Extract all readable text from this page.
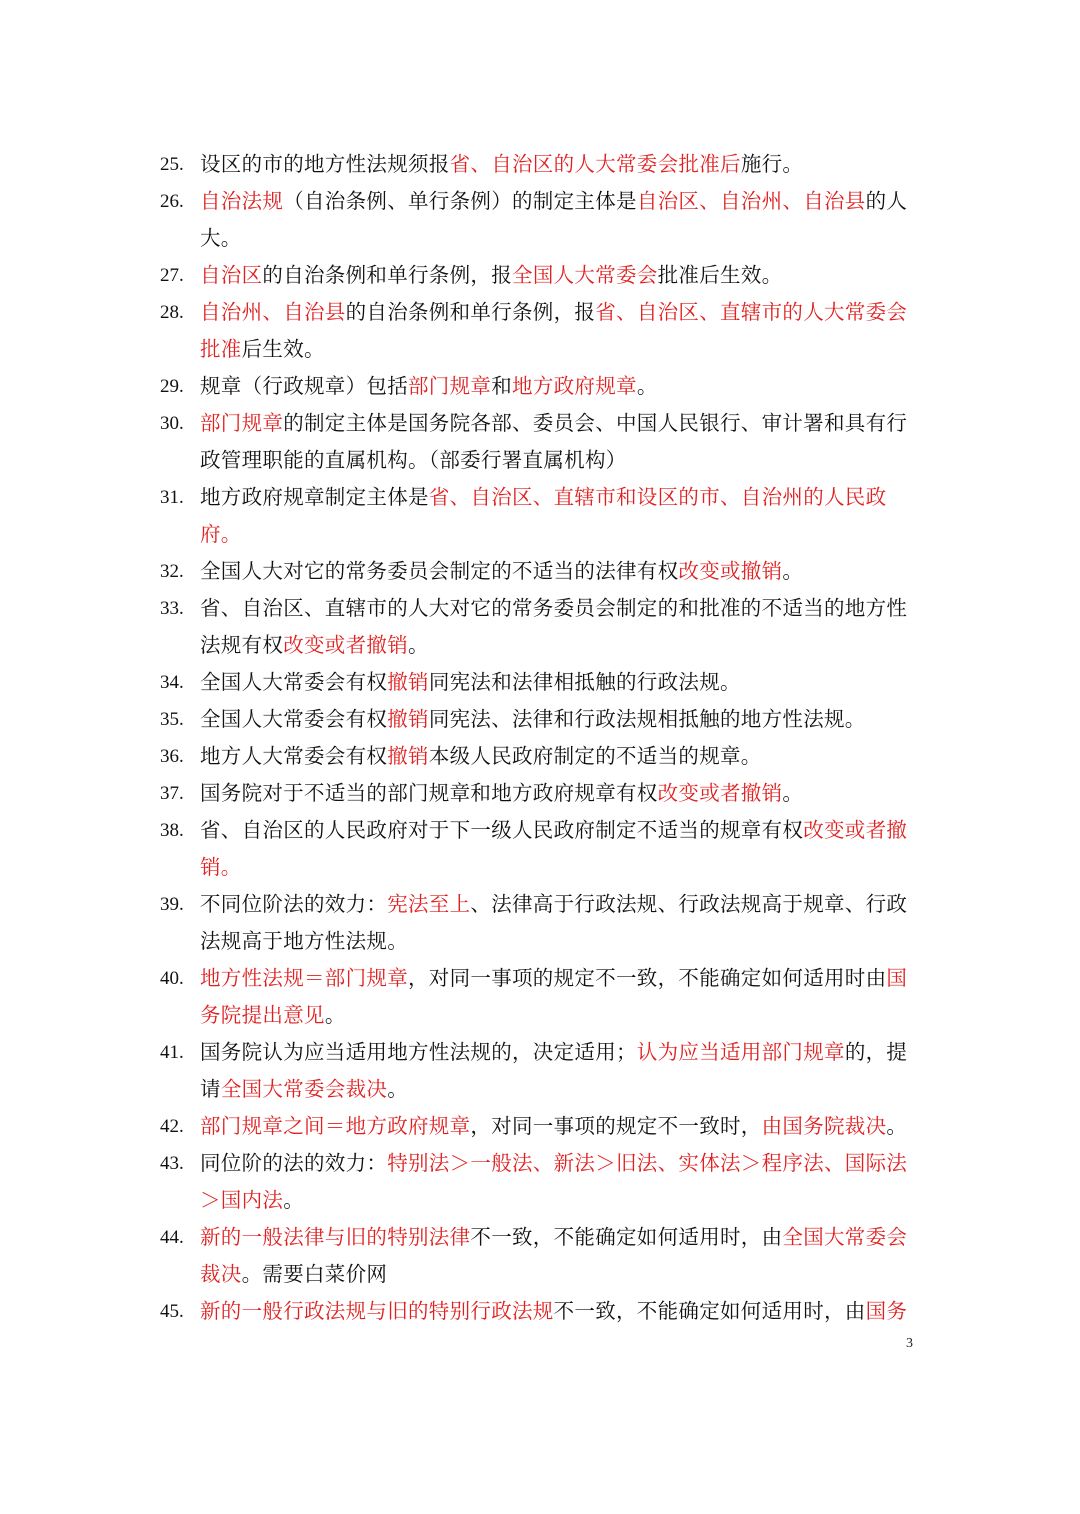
25. 设区的市的地方性法规须报省、自治区的人大常委会批准后施行。
26. 自治法规（自治条例、单行条例）的制定主体是自治区、自治州、自治县的人大。
27. 自治区的自治条例和单行条例，报全国人大常委会批准后生效。
28. 自治州、自治县的自治条例和单行条例，报省、自治区、直辖市的人大常委会批准后生效。
29. 规章（行政规章）包括部门规章和地方政府规章。
30. 部门规章的制定主体是国务院各部、委员会、中国人民银行、审计署和具有行政管理职能的直属机构。（部委行署直属机构）
31. 地方政府规章制定主体是省、自治区、直辖市和设区的市、自治州的人民政府。
32. 全国人大对它的常务委员会制定的不适当的法律有权改变或撤销。
33. 省、自治区、直辖市的人大对它的常务委员会制定的和批准的不适当的地方性法规有权改变或者撤销。
34. 全国人大常委会有权撤销同宪法和法律相抵触的行政法规。
35. 全国人大常委会有权撤销同宪法、法律和行政法规相抵触的地方性法规。
36. 地方人大常委会有权撤销本级人民政府制定的不适当的规章。
37. 国务院对于不适当的部门规章和地方政府规章有权改变或者撤销。
38. 省、自治区的人民政府对于下一级人民政府制定不适当的规章有权改变或者撤销。
39. 不同位阶法的效力：宪法至上、法律高于行政法规、行政法规高于规章、行政法规高于地方性法规。
40. 地方性法规＝部门规章，对同一事项的规定不一致，不能确定如何适用时由国务院提出意见。
41. 国务院认为应当适用地方性法规的，决定适用；认为应当适用部门规章的，提请全国大常委会裁决。
42. 部门规章之间＝地方政府规章，对同一事项的规定不一致时，由国务院裁决。
43. 同位阶的法的效力：特别法＞一般法、新法＞旧法、实体法＞程序法、国际法＞国内法。
44. 新的一般法律与旧的特别法律不一致，不能确定如何适用时，由全国大常委会裁决。需要白菜价网
45. 新的一般行政法规与旧的特别行政法规不一致，不能确定如何适用时，由国务
3
